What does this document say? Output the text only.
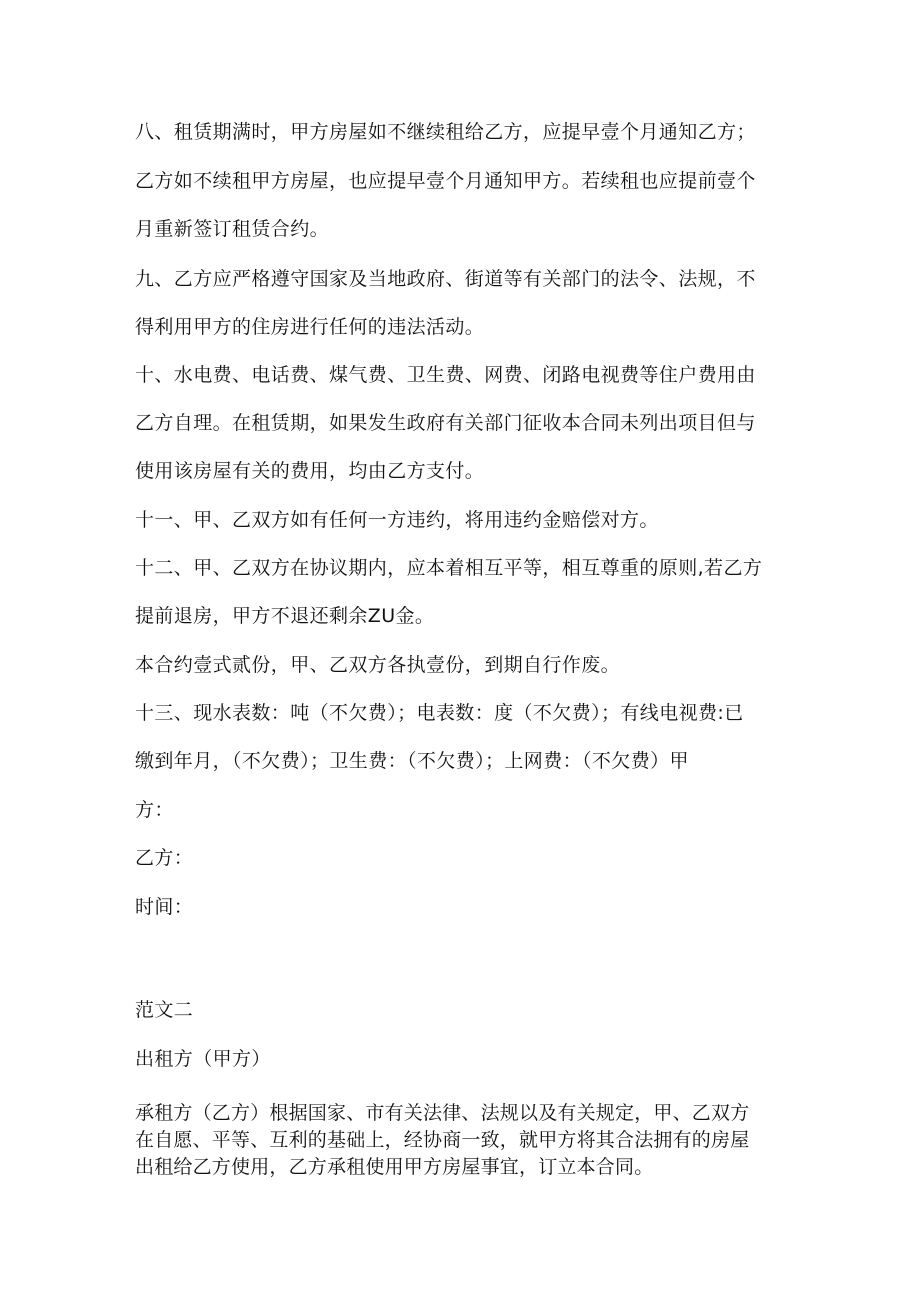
八、租赁期满时，甲方房屋如不继续租给乙方，应提早壹个月通知乙方；
乙方如不续租甲方房屋，也应提早壹个月通知甲方。若续租也应提前壹个
月重新签订租赁合约。
九、乙方应严格遵守国家及当地政府、街道等有关部门的法令、法规，不
得利用甲方的住房进行任何的违法活动。
十、水电费、电话费、煤气费、卫生费、网费、闭路电视费等住户费用由
乙方自理。在租赁期，如果发生政府有关部门征收本合同未列出项目但与
使用该房屋有关的费用，均由乙方支付。
十一、甲、乙双方如有任何一方违约，将用违约金赔偿对方。
十二、甲、乙双方在协议期内，应本着相互平等，相互尊重的原则,若乙方
提前退房，甲方不退还剩余ZU金。
本合约壹式贰份，甲、乙双方各执壹份，到期自行作废。
十三、现水表数：吨（不欠费）；电表数：度（不欠费）；有线电视费:已
缴到年月，（不欠费）；卫生费：（不欠费）；上网费：（不欠费）甲
方：
乙方：
时间：
范文二
出租方（甲方）
承租方（乙方）根据国家、市有关法律、法规以及有关规定，甲、乙双方
在自愿、平等、互利的基础上，经协商一致，就甲方将其合法拥有的房屋
出租给乙方使用，乙方承租使用甲方房屋事宜，订立本合同。
